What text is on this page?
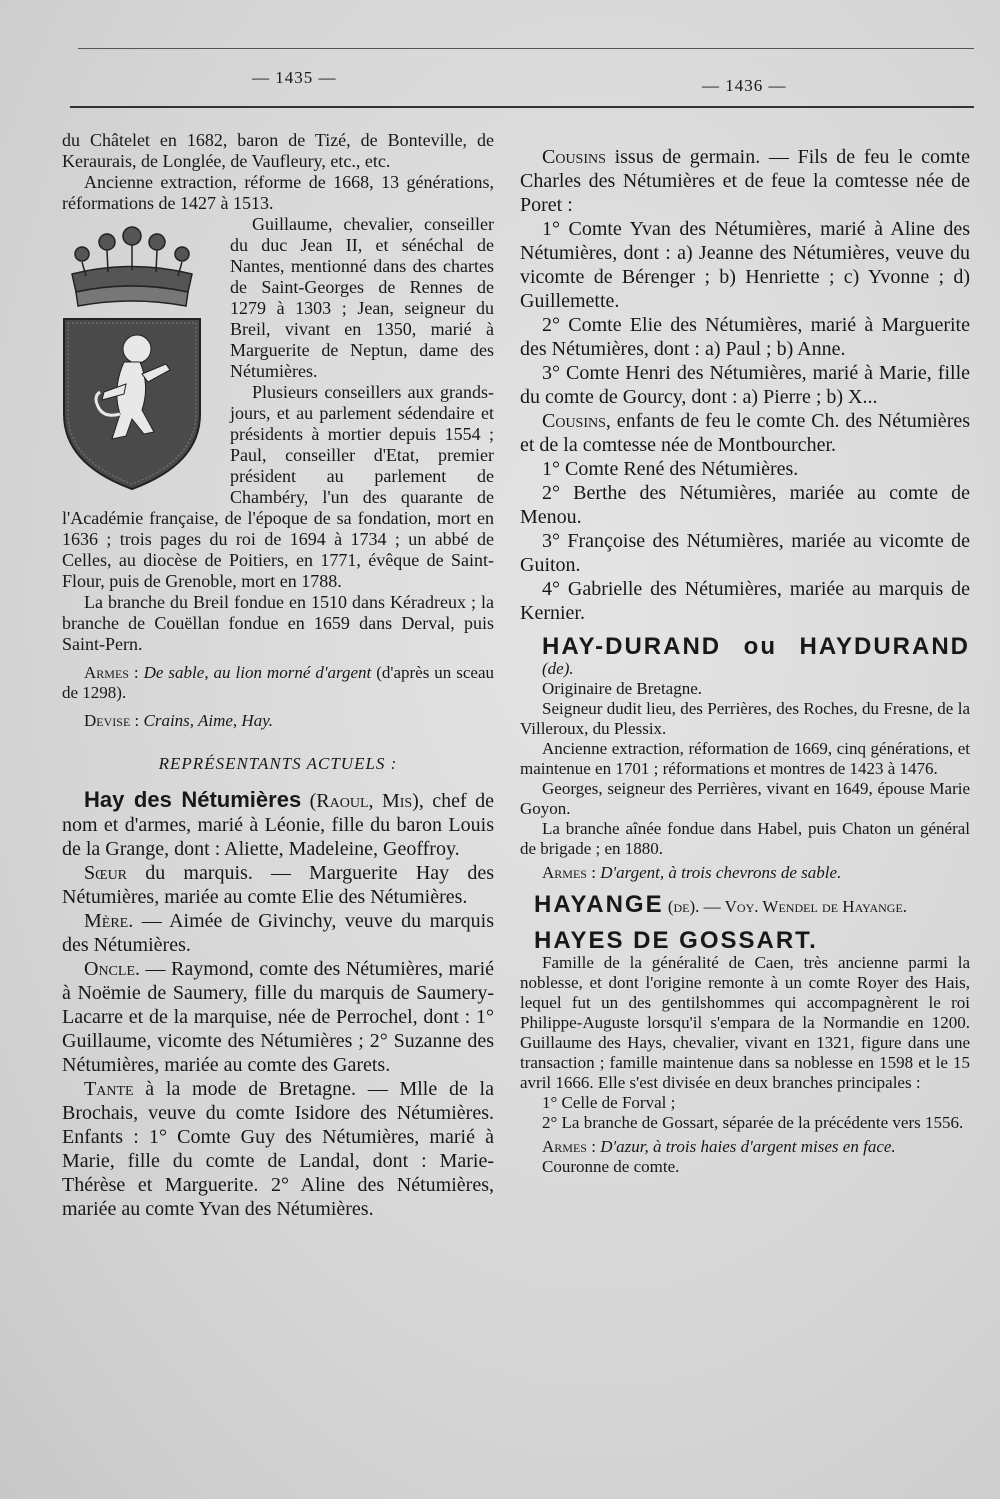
— 1435 —	— 1436 —

du Châtelet en 1682, baron de Tizé, de Bonteville, de Keraurais, de Longlée, de Vaufleury, etc., etc.

Ancienne extraction, réforme de 1668, 13 générations, réformations de 1427 à 1513.

Guillaume, chevalier, conseiller du duc Jean II, et sénéchal de Nantes, mentionné dans des chartes de Saint-Georges de Rennes de 1279 à 1303 ; Jean, seigneur du Breil, vivant en 1350, marié à Marguerite de Neptun, dame des Nétumières.

Plusieurs conseillers aux grands-jours, et au parlement sédendaire et présidents à mortier depuis 1554 ; Paul, conseiller d'Etat, premier président au parlement de Chambéry, l'un des quarante de l'Académie française, de l'époque de sa fondation, mort en 1636 ; trois pages du roi de 1694 à 1734 ; un abbé de Celles, au diocèse de Poitiers, en 1771, évêque de Saint-Flour, puis de Grenoble, mort en 1788.

La branche du Breil fondue en 1510 dans Kéradreux ; la branche de Couëllan fondue en 1659 dans Derval, puis Saint-Pern.

Armes : De sable, au lion morné d'argent (d'après un sceau de 1298).

Devise : Crains, Aime, Hay.

REPRÉSENTANTS ACTUELS :

Hay des Nétumières (Raoul, Mis), chef de nom et d'armes, marié à Léonie, fille du baron Louis de la Grange, dont : Aliette, Madeleine, Geoffroy.

Sœur du marquis. — Marguerite Hay des Nétumières, mariée au comte Elie des Nétumières.

Mère. — Aimée de Givinchy, veuve du marquis des Nétumières.

Oncle. — Raymond, comte des Nétumières, marié à Noëmie de Saumery, fille du marquis de Saumery-Lacarre et de la marquise, née de Perrochel, dont : 1° Guillaume, vicomte des Nétumières ; 2° Suzanne des Nétumières, mariée au comte des Garets.

Tante à la mode de Bretagne. — Mlle de la Brochais, veuve du comte Isidore des Nétumières. Enfants : 1° Comte Guy des Nétumières, marié à Marie, fille du comte de Landal, dont : Marie-Thérèse et Marguerite. 2° Aline des Nétumières, mariée au comte Yvan des Nétumières.

Cousins issus de germain. — Fils de feu le comte Charles des Nétumières et de feue la comtesse née de Poret :

1° Comte Yvan des Nétumières, marié à Aline des Nétumières, dont : a) Jeanne des Nétumières, veuve du vicomte de Bérenger ; b) Henriette ; c) Yvonne ; d) Guillemette.

2° Comte Elie des Nétumières, marié à Marguerite des Nétumières, dont : a) Paul ; b) Anne.

3° Comte Henri des Nétumières, marié à Marie, fille du comte de Gourcy, dont : a) Pierre ; b) X...

Cousins, enfants de feu le comte Ch. des Nétumières et de la comtesse née de Montbourcher.

1° Comte René des Nétumières.

2° Berthe des Nétumières, mariée au comte de Menou.

3° Françoise des Nétumières, mariée au vicomte de Guiton.

4° Gabrielle des Nétumières, mariée au marquis de Kernier.

HAY-DURAND ou HAYDURAND (de).

Originaire de Bretagne.

Seigneur dudit lieu, des Perrières, des Roches, du Fresne, de la Villeroux, du Plessix.

Ancienne extraction, réformation de 1669, cinq générations, et maintenue en 1701 ; réformations et montres de 1423 à 1476.

Georges, seigneur des Perrières, vivant en 1649, épouse Marie Goyon.

La branche aînée fondue dans Habel, puis Chaton un général de brigade ; en 1880.

Armes : D'argent, à trois chevrons de sable.

HAYANGE (de). — Voy. Wendel de Hayange.

HAYES DE GOSSART.

Famille de la généralité de Caen, très ancienne parmi la noblesse, et dont l'origine remonte à un comte Royer des Hais, lequel fut un des gentilshommes qui accompagnèrent le roi Philippe-Auguste lorsqu'il s'empara de la Normandie en 1200. Guillaume des Hays, chevalier, vivant en 1321, figure dans une transaction ; famille maintenue dans sa noblesse en 1598 et le 15 avril 1666. Elle s'est divisée en deux branches principales :

1° Celle de Forval ;

2° La branche de Gossart, séparée de la précédente vers 1556.

Armes : D'azur, à trois haies d'argent mises en face.

Couronne de comte.
